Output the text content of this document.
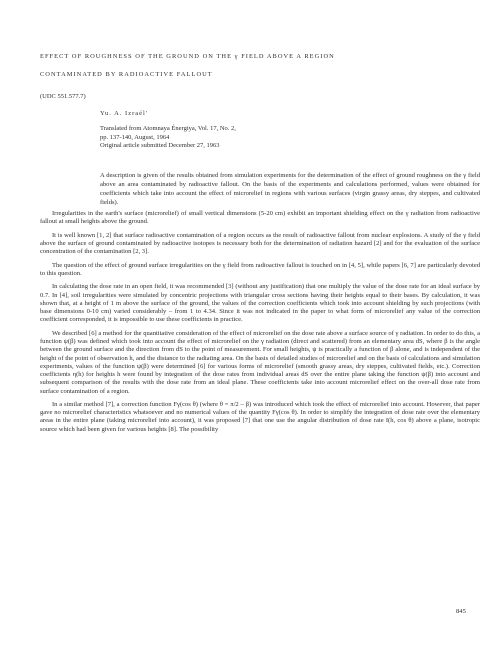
EFFECT OF ROUGHNESS OF THE GROUND ON THE γ FIELD ABOVE A REGION
CONTAMINATED BY RADIOACTIVE FALLOUT
(UDC 551.577.7)
Yu. A. Izraél'
Translated from Atomnaya Énergiya, Vol. 17, No. 2,
pp. 137-140, August, 1964
Original article submitted December 27, 1963

A description is given of the results obtained from simulation experiments for the determination of the effect of ground roughness on the γ field above an area contaminated by radioactive fallout. On the basis of the experiments and calculations performed, values were obtained for coefficients which take into account the effect of microrelief in regions with various surfaces (virgin grassy areas, dry steppes, and cultivated fields).

Irregularities in the earth's surface (microrelief) of small vertical dimensions (5-20 cm) exhibit an important shielding effect on the γ radiation from radioactive fallout at small heights above the ground.

It is well known [1, 2] that surface radioactive contamination of a region occurs as the result of radioactive fallout from nuclear explosions. A study of the γ field above the surface of ground contaminated by radioactive isotopes is necessary both for the determination of radiation hazard [2] and for the evaluation of the surface concentration of the contamination [2, 3].

The question of the effect of ground surface irregularities on the γ field from radioactive fallout is touched on in [4, 5], while papers [6, 7] are particularly devoted to this question.

In calculating the dose rate in an open field, it was recommended [3] (without any justification) that one multiply the value of the dose rate for an ideal surface by 0.7. In [4], soil irregularities were simulated by concentric projections with triangular cross sections having their heights equal to their bases. By calculation, it was shown that, at a height of 1 m above the surface of the ground, the values of the correction coefficients which took into account shielding by such projections (with base dimensions 0-10 cm) varied considerably – from 1 to 4.34. Since it was not indicated in the paper to what form of microrelief any value of the correction coefficient corresponded, it is impossible to use these coefficients in practice.

We described [6] a method for the quantitative consideration of the effect of microrelief on the dose rate above a surface source of γ radiation. In order to do this, a function ψ(β) was defined which took into account the effect of microrelief on the γ radiation (direct and scattered) from an elementary area dS, where β is the angle between the ground surface and the direction from dS to the point of measurement. For small heights, ψ is practically a function of β alone, and is independent of the height of the point of observation h, and the distance to the radiating area. On the basis of detailed studies of microrelief and on the basis of calculations and simulation experiments, values of the function ψ(β) were determined [6] for various forms of microrelief (smooth grassy areas, dry steppes, cultivated fields, etc.). Correction coefficients η(h) for heights h were found by integration of the dose rates from individual areas dS over the entire plane taking the function ψ(β) into account and subsequent comparison of the results with the dose rate from an ideal plane. These coefficients take into account microrelief effect on the over-all dose rate from surface contamination of a region.

In a similar method [7], a correction function Fγ(cos θ) (where θ = π/2 – β) was introduced which took the effect of microrelief into account. However, that paper gave no microrelief characteristics whatsoever and no numerical values of the quantity Fγ(cos θ). In order to simplify the integration of dose rate over the elementary areas in the entire plane (taking microrelief into account), it was proposed [7] that one use the angular distribution of dose rate I(h, cos θ) above a plane, isotropic source which had been given for various heights [8]. The possibility

845
